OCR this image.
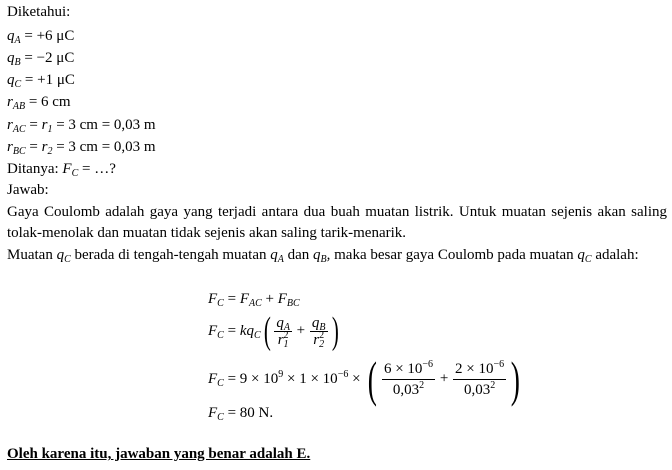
Diketahui:
$q_A = +6$ μC
$q_B = -2$ μC
$q_C = +1$ μC
$r_{AB} = 6$ cm
$r_{AC} = r_1 = 3$ cm = 0,03 m
$r_{BC} = r_2 = 3$ cm = 0,03 m
Ditanya: $F_C$ = …?
Jawab:
Gaya Coulomb adalah gaya yang terjadi antara dua buah muatan listrik. Untuk muatan sejenis akan saling tolak-menolak dan muatan tidak sejenis akan saling tarik-menarik.
Muatan $q_C$ berada di tengah-tengah muatan $q_A$ dan $q_B$, maka besar gaya Coulomb pada muatan $q_C$ adalah:
$F_C = F_{AC} + F_{BC}$
$F_C = kq_C( \frac{q_A}{r_1^2} + \frac{q_B}{r_2^2}$ )
$F_C = 9 \times 10^9 \times 1 \times 10^{-6}$ × ( $\frac{6 \times 10^{-6}}{0,03^2} + \frac{2 \times 10^{-6}}{0,03^2}$ )
$F_C = 80$ N.
Oleh karena itu, jawaban yang benar adalah E.
